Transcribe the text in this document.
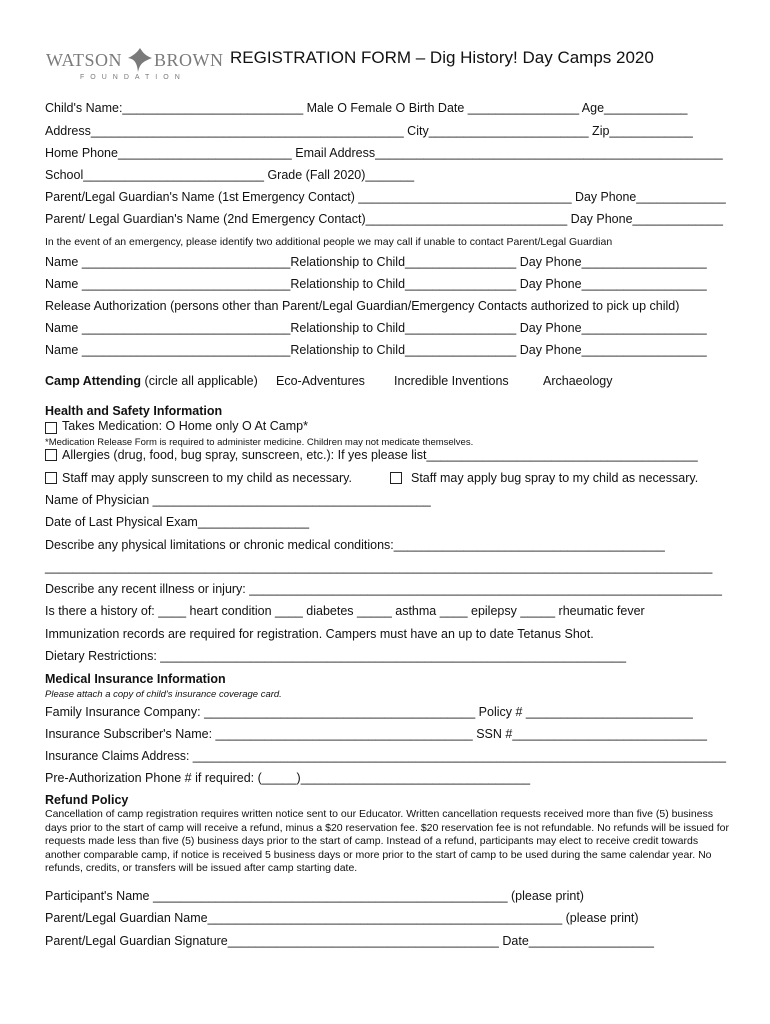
WATSON BROWN
FOUNDATION
REGISTRATION FORM – Dig History! Day Camps 2020
Child's Name:__________________________ Male O Female O Birth Date ________________ Age____________
Address_____________________________________________ City_______________________ Zip____________
Home Phone_________________________ Email Address__________________________________________________
School__________________________ Grade (Fall 2020)_______
Parent/Legal Guardian's Name (1st Emergency Contact) _______________________________ Day Phone_____________
Parent/ Legal Guardian's Name (2nd Emergency Contact)_____________________________ Day Phone_____________
In the event of an emergency, please identify two additional people we may call if unable to contact Parent/Legal Guardian
Name ______________________________Relationship to Child________________ Day Phone__________________
Name ______________________________Relationship to Child________________ Day Phone__________________
Release Authorization (persons other than Parent/Legal Guardian/Emergency Contacts authorized to pick up child)
Name ______________________________Relationship to Child________________ Day Phone__________________
Name ______________________________Relationship to Child________________ Day Phone__________________
Camp Attending (circle all applicable) Eco-Adventures Incredible Inventions	Archaeology
Health and Safety Information
Takes Medication: O Home only O At Camp*
*Medication Release Form is required to administer medicine. Children may not medicate themselves.
Allergies (drug, food, bug spray, sunscreen, etc.): If yes please list_______________________________________
Staff may apply sunscreen to my child as necessary.	Staff may apply bug spray to my child as necessary.
Name of Physician ________________________________________
Date of Last Physical Exam________________
Describe any physical limitations or chronic medical conditions:_______________________________________
________________________________________________________________________________________________
Describe any recent illness or injury: ____________________________________________________________________
Is there a history of: ____ heart condition ____ diabetes _____ asthma ____ epilepsy _____ rheumatic fever
Immunization records are required for registration. Campers must have an up to date Tetanus Shot.
Dietary Restrictions: ___________________________________________________________________
Medical Insurance Information
Please attach a copy of child's insurance coverage card.
Family Insurance Company: _______________________________________ Policy # ________________________
Insurance Subscriber's Name: _____________________________________ SSN #____________________________
Insurance Claims Address: _______________________________________________________________________________
Pre-Authorization Phone # if required: (_____)_________________________________
Refund Policy
Cancellation of camp registration requires written notice sent to our Educator. Written cancellation requests received more than five (5) business days prior to the start of camp will receive a refund, minus a $20 reservation fee. $20 reservation fee is not refundable. No refunds will be issued for requests made less than five (5) business days prior to the start of camp. Instead of a refund, participants may elect to receive credit towards another comparable camp, if notice is received 5 business days or more prior to the start of camp to be used during the same calendar year. No refunds, credits, or transfers will be issued after camp starting date.
Participant's Name ___________________________________________________ (please print)
Parent/Legal Guardian Name___________________________________________________ (please print)
Parent/Legal Guardian Signature_______________________________________ Date__________________
